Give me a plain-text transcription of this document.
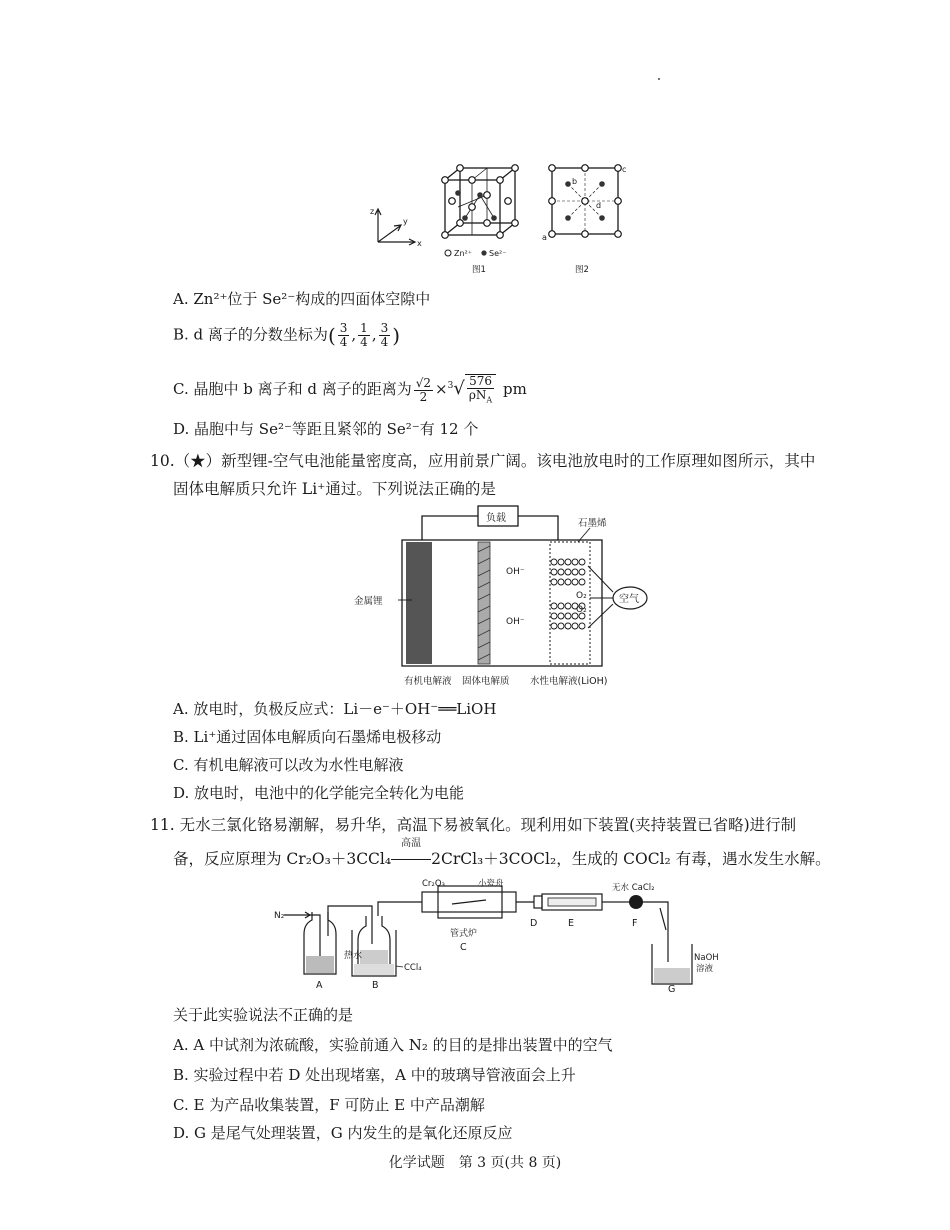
z
y
x
Zn²⁺ Se²⁻
图1
b
c
d
a
图2
A. Zn²⁺位于 Se²⁻构成的四面体空隙中
B. d 离子的分数坐标为( $\frac{3}{4}$ , $\frac{1}{4}$ , $\frac{3}{4}$ )
C. 晶胞中 b 离子和 d 离子的距离为 $\frac{√2}{2} \times^3√ \frac{576}{\rho N_A}$ pm
D. 晶胞中与 Se²⁻等距且紧邻的 Se²⁻有 12 个
10.（★）新型锂-空气电池能量密度高，应用前景广阔。该电池放电时的工作原理如图所示，其中
固体电解质只允许 Li⁺通过。下列说法正确的是
负载
OH⁻
OH⁻
O₂
O₂
空气
石墨烯
金属锂
有机电解液 固体电解质 水性电解液(LiOH)
A. 放电时，负极反应式：Li－e⁻＋OH⁻══LiOH
B. Li⁺通过固体电解质向石墨烯电极移动
C. 有机电解液可以改为水性电解液
D. 放电时，电池中的化学能完全转化为电能
11. 无水三氯化铬易潮解，易升华，高温下易被氧化。现利用如下装置(夹持装置已省略)进行制
备，反应原理为 Cr₂O₃＋3CCl₄
高温
2CrCl₃＋3COCl₂，生成的 COCl₂ 有毒，遇水发生水解。
N₂
Cr₂O₃	小瓷舟	无水 CaCl₂
热水
CCl₄
管式炉
A	B
C
D	E	F
G
NaOH
溶液
关于此实验说法不正确的是
A. A 中试剂为浓硫酸，实验前通入 N₂ 的目的是排出装置中的空气
B. 实验过程中若 D 处出现堵塞，A 中的玻璃导管液面会上升
C. E 为产品收集装置，F 可防止 E 中产品潮解
D. G 是尾气处理装置，G 内发生的是氧化还原反应
化学试题　第 3 页(共 8 页)
